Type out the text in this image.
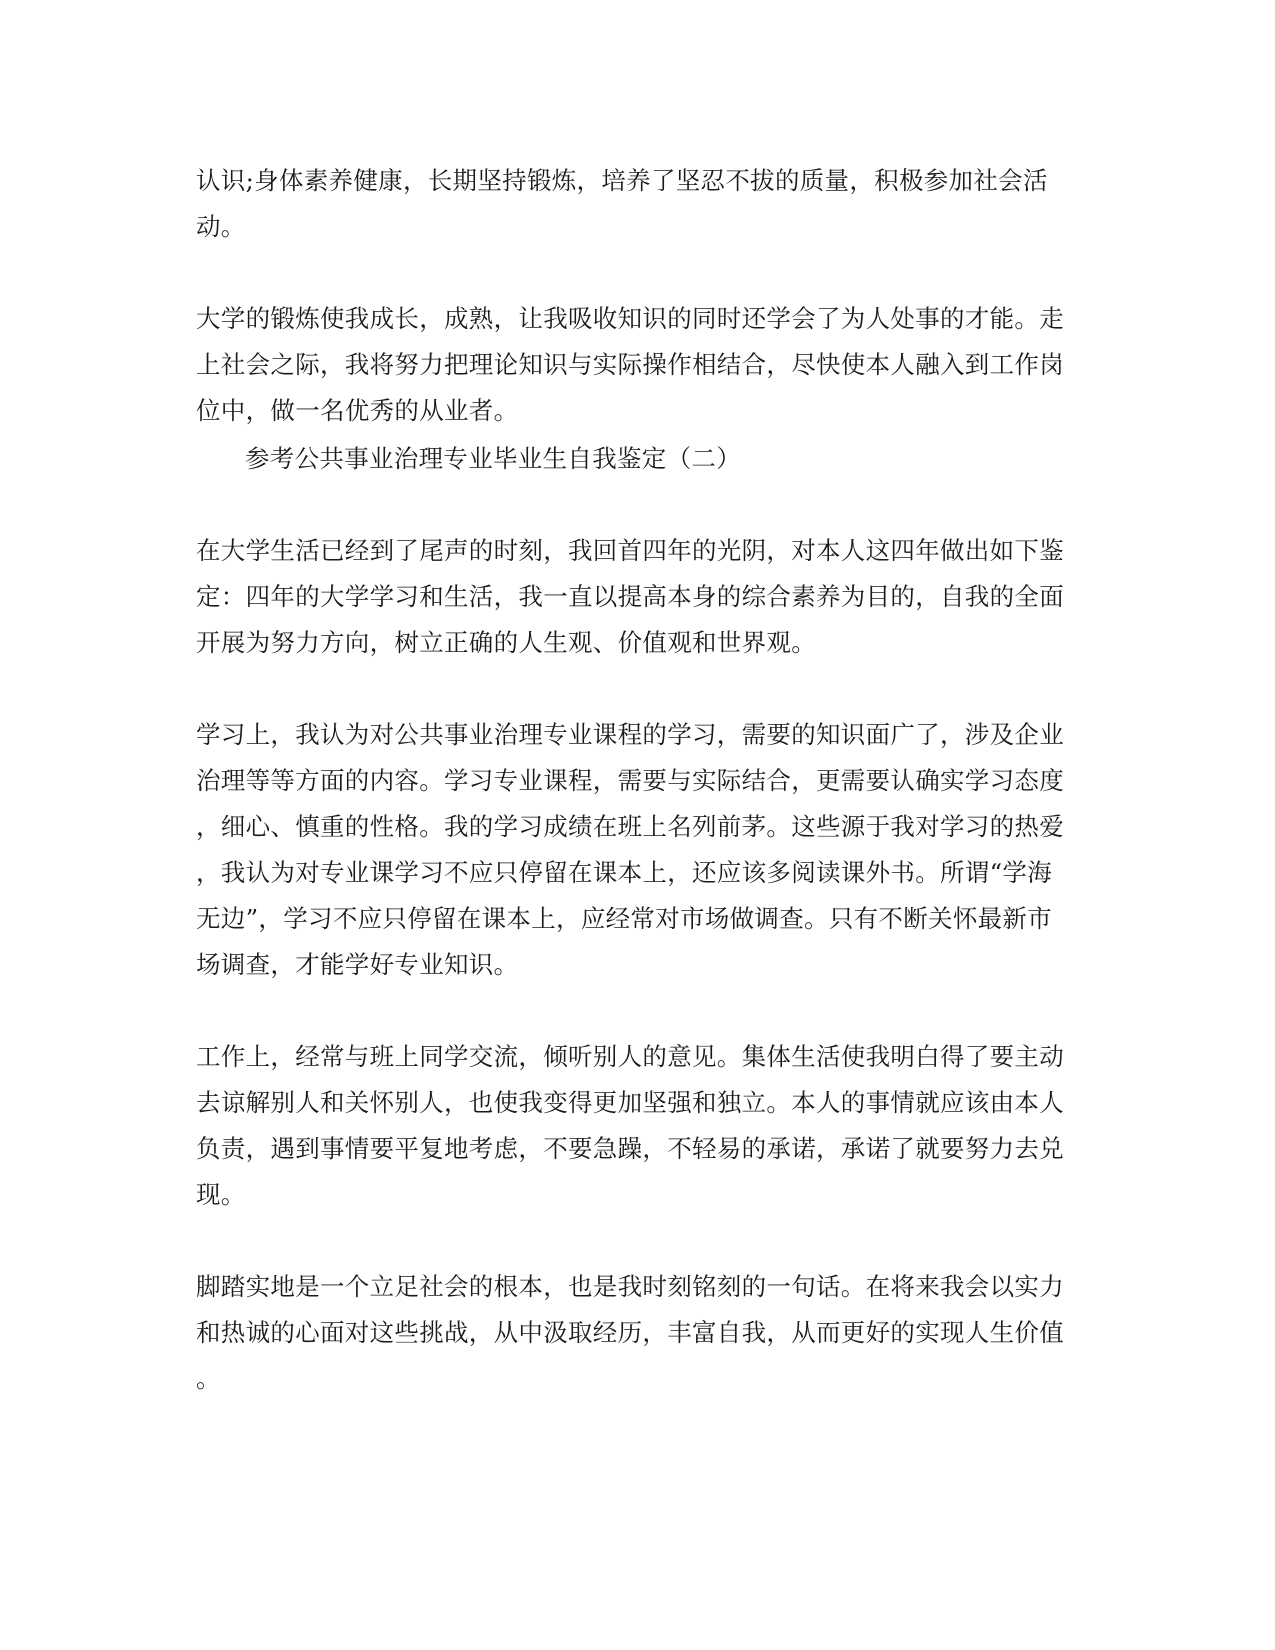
认识;身体素养健康，长期坚持锻炼，培养了坚忍不拔的质量，积极参加社会活
动。
大学的锻炼使我成长，成熟，让我吸收知识的同时还学会了为人处事的才能。走
上社会之际，我将努力把理论知识与实际操作相结合，尽快使本人融入到工作岗
位中，做一名优秀的从业者。
参考公共事业治理专业毕业生自我鉴定（二）
在大学生活已经到了尾声的时刻，我回首四年的光阴，对本人这四年做出如下鉴
定：四年的大学学习和生活，我一直以提高本身的综合素养为目的，自我的全面
开展为努力方向，树立正确的人生观、价值观和世界观。
学习上，我认为对公共事业治理专业课程的学习，需要的知识面广了，涉及企业
治理等等方面的内容。学习专业课程，需要与实际结合，更需要认确实学习态度
，细心、慎重的性格。我的学习成绩在班上名列前茅。这些源于我对学习的热爱
，我认为对专业课学习不应只停留在课本上，还应该多阅读课外书。所谓“学海
无边”，学习不应只停留在课本上，应经常对市场做调查。只有不断关怀最新市
场调查，才能学好专业知识。
工作上，经常与班上同学交流，倾听别人的意见。集体生活使我明白得了要主动
去谅解别人和关怀别人，也使我变得更加坚强和独立。本人的事情就应该由本人
负责，遇到事情要平复地考虑，不要急躁，不轻易的承诺，承诺了就要努力去兑
现。
脚踏实地是一个立足社会的根本，也是我时刻铭刻的一句话。在将来我会以实力
和热诚的心面对这些挑战，从中汲取经历，丰富自我，从而更好的实现人生价值
。
